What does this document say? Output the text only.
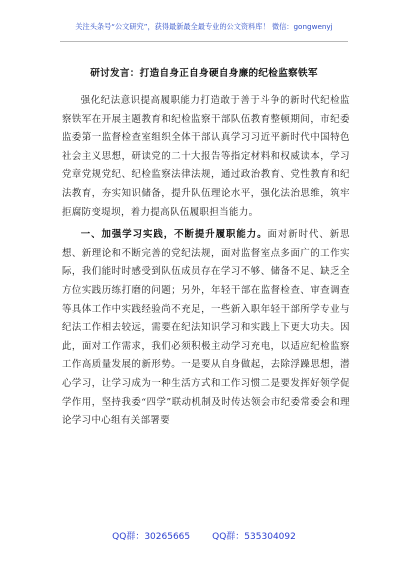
关注头条号“公文研究”，获得最新最全最专业的公文资料库！ 微信：gongwenyj
研讨发言：打造自身正自身硬自身廉的纪检监察铁军

强化纪法意识提高履职能力打造敢于善于斗争的新时代纪检监察铁军在开展主题教育和纪检监察干部队伍教育整顿期间，市纪委监委第一监督检查室组织全体干部认真学习习近平新时代中国特色社会主义思想，研读党的二十大报告等指定材料和权威读本，学习党章党规党纪、纪检监察法律法规，通过政治教育、党性教育和纪法教育，夯实知识储备，提升队伍理论水平，强化法治思维，筑牢拒腐防变堤坝，着力提高队伍履职担当能力。

一、加强学习实践，不断提升履职能力。面对新时代、新思想、新理论和不断完善的党纪法规，面对监督室点多面广的工作实际，我们能时时感受到队伍成员存在学习不够、储备不足、缺乏全方位实践历练打磨的问题；另外，年轻干部在监督检查、审查调查等具体工作中实践经验尚不充足，一些新入职年轻干部所学专业与纪法工作相去较远，需要在纪法知识学习和实践上下更大功夫。因此，面对工作需求，我们必须积极主动学习充电，以适应纪检监察工作高质量发展的新形势。一是要从自身做起，去除浮躁思想，潜心学习，让学习成为一种生活方式和工作习惯二是要发挥好领学促学作用，坚持我委“四学”联动机制及时传达领会市纪委常委会和理论学习中心组有关部署要

QQ群：30265665 QQ群：535304092
